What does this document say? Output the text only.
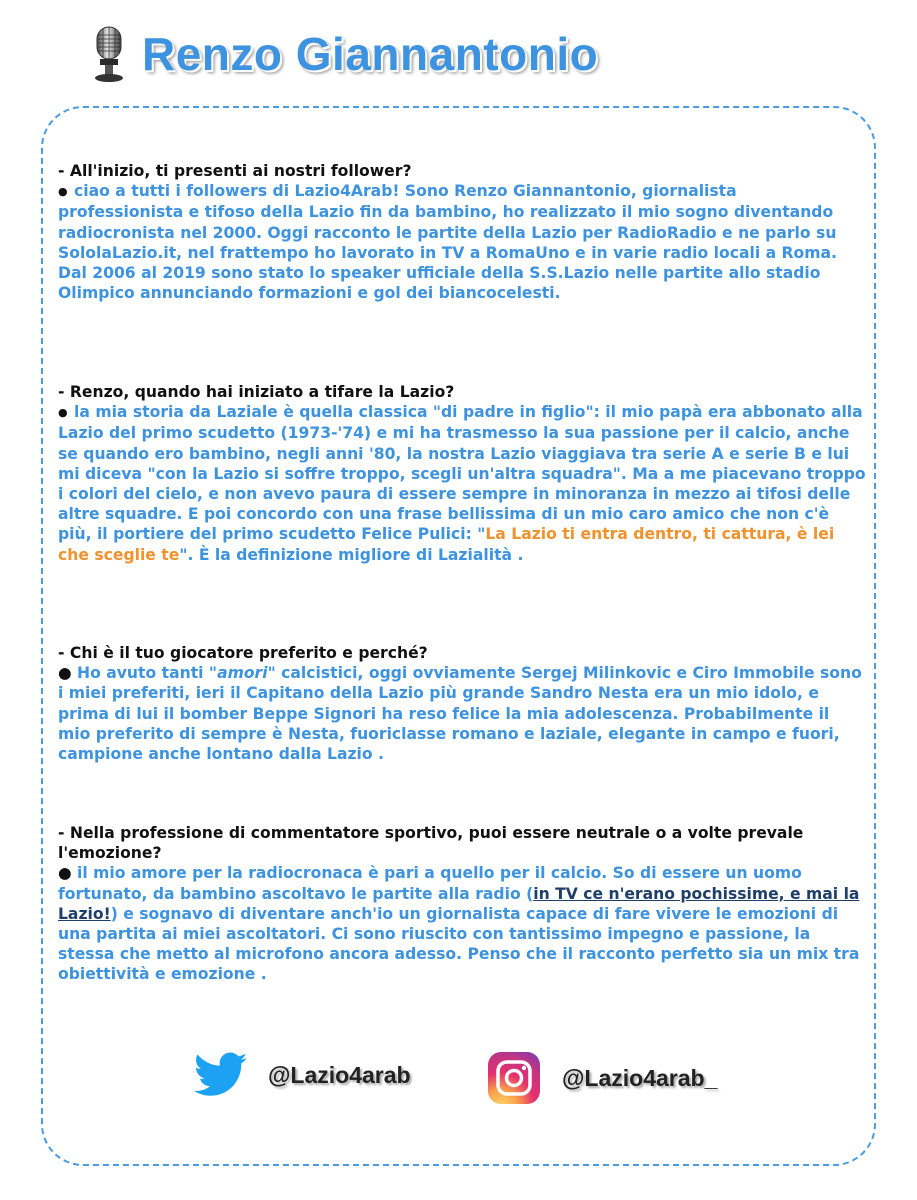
Renzo Giannantonio

- All'inizio, ti presenti ai nostri follower?

● ciao a tutti i followers di Lazio4Arab! Sono Renzo Giannantonio, giornalista professionista e tifoso della Lazio fin da bambino, ho realizzato il mio sogno diventando radiocronista nel 2000. Oggi racconto le partite della Lazio per RadioRadio e ne parlo su SololaLazio.it, nel frattempo ho lavorato in TV a RomaUno e in varie radio locali a Roma. Dal 2006 al 2019 sono stato lo speaker ufficiale della S.S.Lazio nelle partite allo stadio Olimpico annunciando formazioni e gol dei biancocelesti.

- Renzo, quando hai iniziato a tifare la Lazio?

● la mia storia da Laziale è quella classica "di padre in figlio": il mio papà era abbonato alla Lazio del primo scudetto (1973-'74) e mi ha trasmesso la sua passione per il calcio, anche se quando ero bambino, negli anni '80, la nostra Lazio viaggiava tra serie A e serie B e lui mi diceva "con la Lazio si soffre troppo, scegli un'altra squadra". Ma a me piacevano troppo i colori del cielo, e non avevo paura di essere sempre in minoranza in mezzo ai tifosi delle altre squadre. E poi concordo con una frase bellissima di un mio caro amico che non c'è più, il portiere del primo scudetto Felice Pulici: "La Lazio ti entra dentro, ti cattura, è lei che sceglie te". È la definizione migliore di Lazialità .

- Chi è il tuo giocatore preferito e perché?

● Ho avuto tanti "amori" calcistici, oggi ovviamente Sergej Milinkovic e Ciro Immobile sono i miei preferiti, ieri il Capitano della Lazio più grande Sandro Nesta era un mio idolo, e prima di lui il bomber Beppe Signori ha reso felice la mia adolescenza. Probabilmente il mio preferito di sempre è Nesta, fuoriclasse romano e laziale, elegante in campo e fuori, campione anche lontano dalla Lazio .

- Nella professione di commentatore sportivo, puoi essere neutrale o a volte prevale l'emozione?

● il mio amore per la radiocronaca è pari a quello per il calcio. So di essere un uomo fortunato, da bambino ascoltavo le partite alla radio (in TV ce n'erano pochissime, e mai la Lazio!) e sognavo di diventare anch'io un giornalista capace di fare vivere le emozioni di una partita ai miei ascoltatori. Ci sono riuscito con tantissimo impegno e passione, la stessa che metto al microfono ancora adesso. Penso che il racconto perfetto sia un mix tra obiettività e emozione .

@Lazio4arab	@Lazio4arab_
